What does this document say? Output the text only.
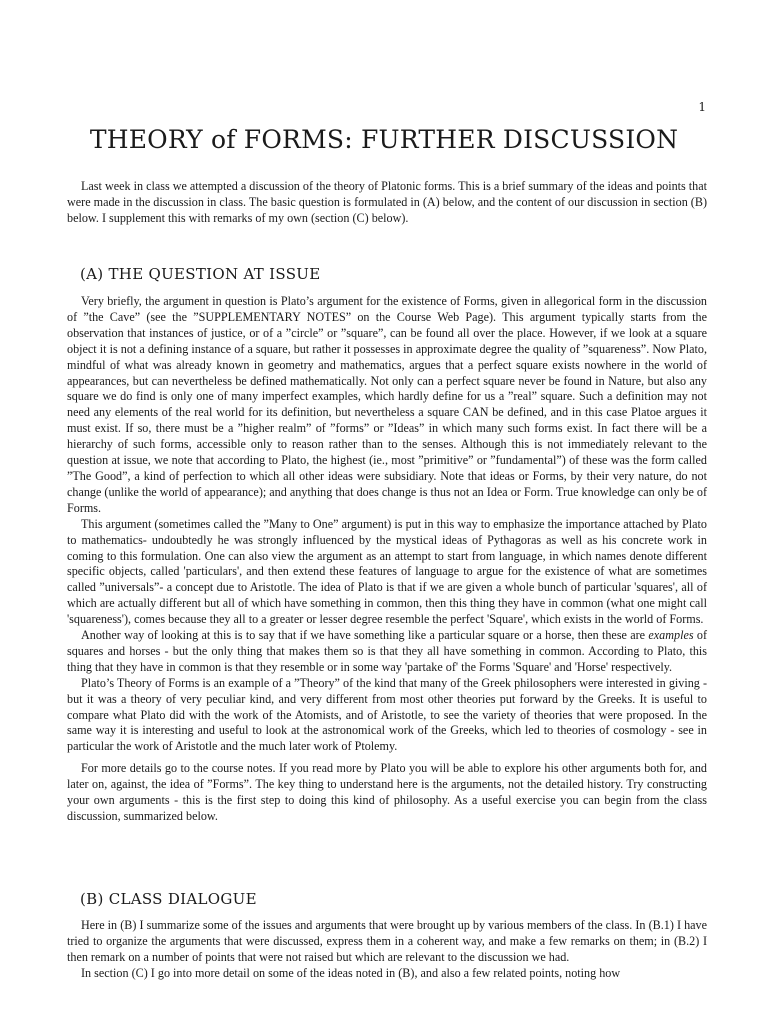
1
THEORY of FORMS: FURTHER DISCUSSION

Last week in class we attempted a discussion of the theory of Platonic forms. This is a brief summary of the ideas and points that were made in the discussion in class. The basic question is formulated in (A) below, and the content of our discussion in section (B) below. I supplement this with remarks of my own (section (C) below).

(A) THE QUESTION AT ISSUE

Very briefly, the argument in question is Plato’s argument for the existence of Forms, given in allegorical form in the discussion of ”the Cave” (see the ”SUPPLEMENTARY NOTES” on the Course Web Page). This argument typically starts from the observation that instances of justice, or of a ”circle” or ”square”, can be found all over the place. However, if we look at a square object it is not a defining instance of a square, but rather it possesses in approximate degree the quality of ”squareness”. Now Plato, mindful of what was already known in geometry and mathematics, argues that a perfect square exists nowhere in the world of appearances, but can nevertheless be defined mathematically. Not only can a perfect square never be found in Nature, but also any square we do find is only one of many imperfect examples, which hardly define for us a ”real” square. Such a definition may not need any elements of the real world for its definition, but nevertheless a square CAN be defined, and in this case Platoe argues it must exist. If so, there must be a ”higher realm” of ”forms” or ”Ideas” in which many such forms exist. In fact there will be a hierarchy of such forms, accessible only to reason rather than to the senses. Although this is not immediately relevant to the question at issue, we note that according to Plato, the highest (ie., most ”primitive” or ”fundamental”) of these was the form called ”The Good”, a kind of perfection to which all other ideas were subsidiary. Note that ideas or Forms, by their very nature, do not change (unlike the world of appearance); and anything that does change is thus not an Idea or Form. True knowledge can only be of Forms.

This argument (sometimes called the ”Many to One” argument) is put in this way to emphasize the importance attached by Plato to mathematics- undoubtedly he was strongly influenced by the mystical ideas of Pythagoras as well as his concrete work in coming to this formulation. One can also view the argument as an attempt to start from language, in which names denote different specific objects, called 'particulars', and then extend these features of language to argue for the existence of what are sometimes called ”universals”- a concept due to Aristotle. The idea of Plato is that if we are given a whole bunch of particular 'squares', all of which are actually different but all of which have something in common, then this thing they have in common (what one might call 'squareness'), comes because they all to a greater or lesser degree resemble the perfect 'Square', which exists in the world of Forms.

Another way of looking at this is to say that if we have something like a particular square or a horse, then these are examples of squares and horses - but the only thing that makes them so is that they all have something in common. According to Plato, this thing that they have in common is that they resemble or in some way 'partake of' the Forms 'Square' and 'Horse' respectively.

Plato’s Theory of Forms is an example of a ”Theory” of the kind that many of the Greek philosophers were interested in giving - but it was a theory of very peculiar kind, and very different from most other theories put forward by the Greeks. It is useful to compare what Plato did with the work of the Atomists, and of Aristotle, to see the variety of theories that were proposed. In the same way it is interesting and useful to look at the astronomical work of the Greeks, which led to theories of cosmology - see in particular the work of Aristotle and the much later work of Ptolemy.

For more details go to the course notes. If you read more by Plato you will be able to explore his other arguments both for, and later on, against, the idea of ”Forms”. The key thing to understand here is the arguments, not the detailed history. Try constructing your own arguments - this is the first step to doing this kind of philosophy. As a useful exercise you can begin from the class discussion, summarized below.

(B) CLASS DIALOGUE

Here in (B) I summarize some of the issues and arguments that were brought up by various members of the class. In (B.1) I have tried to organize the arguments that were discussed, express them in a coherent way, and make a few remarks on them; in (B.2) I then remark on a number of points that were not raised but which are relevant to the discussion we had.

In section (C) I go into more detail on some of the ideas noted in (B), and also a few related points, noting how
